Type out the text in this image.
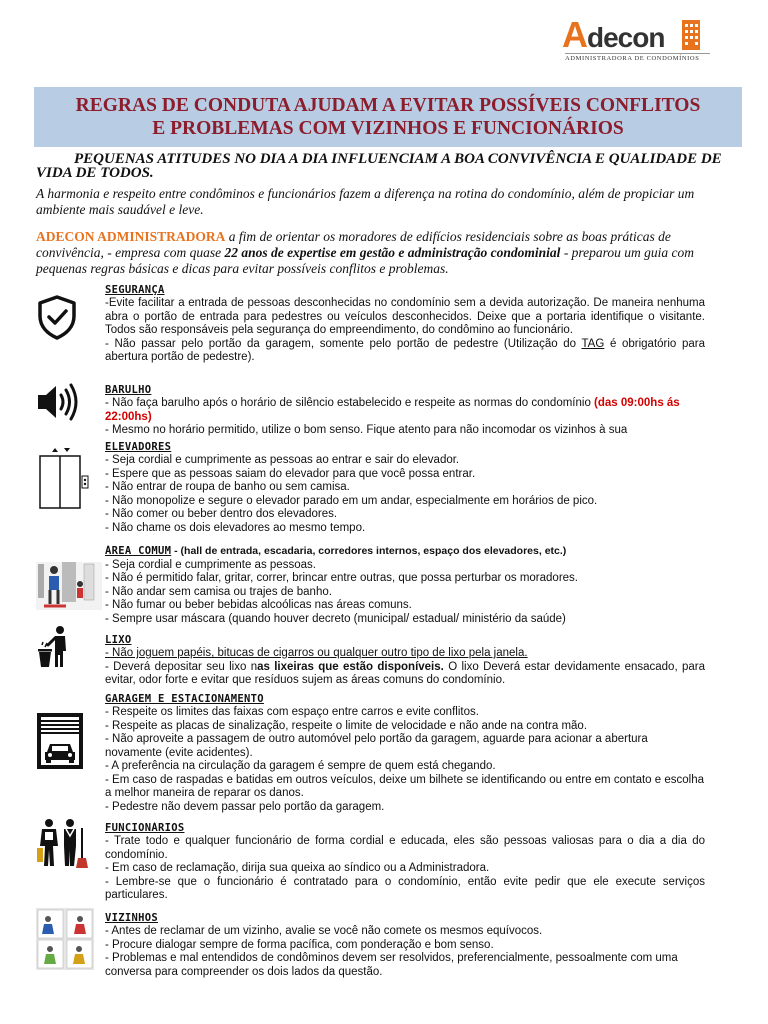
Adecon
ADMINISTRADORA DE CONDOMÍNIOS
REGRAS DE CONDUTA AJUDAM A EVITAR POSSÍVEIS CONFLITOS
E PROBLEMAS COM VIZINHOS E FUNCIONÁRIOS
PEQUENAS ATITUDES NO DIA A DIA INFLUENCIAM A BOA CONVIVÊNCIA E QUALIDADE DE VIDA DE TODOS.
A harmonia e respeito entre condôminos e funcionários fazem a diferença na rotina do condomínio, além de propiciar um ambiente mais saudável e leve.
ADECON ADMINISTRADORA a fim de orientar os moradores de edifícios residenciais sobre as boas práticas de convivência, - empresa com quase 22 anos de expertise em gestão e administração condominial - preparou um guia com pequenas regras básicas e dicas para evitar possíveis conflitos e problemas.
SEGURANÇA
-Evite facilitar a entrada de pessoas desconhecidas no condomínio sem a devida autorização. De maneira nenhuma abra o portão de entrada para pedestres ou veículos desconhecidos. Deixe que a portaria identifique o visitante. Todos são responsáveis pela segurança do empreendimento, do condômino ao funcionário.
- Não passar pelo portão da garagem, somente pelo portão de pedestre (Utilização do TAG é obrigatório para abertura portão de pedestre).
BARULHO
- Não faça barulho após o horário de silêncio estabelecido e respeite as normas do condomínio (das 09:00hs ás 22:00hs)
- Mesmo no horário permitido, utilize o bom senso. Fique atento para não incomodar os vizinhos à sua
ELEVADORES
- Seja cordial e cumprimente as pessoas ao entrar e sair do elevador.
- Espere que as pessoas saiam do elevador para que você possa entrar.
- Não entrar de roupa de banho ou sem camisa.
- Não monopolize e segure o elevador parado em um andar, especialmente em horários de pico.
- Não comer ou beber dentro dos elevadores.
- Não chame os dois elevadores ao mesmo tempo.
ÁREA COMUM - (hall de entrada, escadaria, corredores internos, espaço dos elevadores, etc.)
- Seja cordial e cumprimente as pessoas.
- Não é permitido falar, gritar, correr, brincar entre outras, que possa perturbar os moradores.
- Não andar sem camisa ou trajes de banho.
- Não fumar ou beber bebidas alcoólicas nas áreas comuns.
- Sempre usar máscara (quando houver decreto (municipal/ estadual/ ministério da saúde)
LIXO
- Não joguem papéis, bitucas de cigarros ou qualquer outro tipo de lixo pela janela.
- Deverá depositar seu lixo nas lixeiras que estão disponíveis. O lixo Deverá estar devidamente ensacado, para evitar, odor forte e evitar que resíduos sujem as áreas comuns do condomínio.
GARAGEM E ESTACIONAMENTO
- Respeite os limites das faixas com espaço entre carros e evite conflitos.
- Respeite as placas de sinalização, respeite o limite de velocidade e não ande na contra mão.
- Não aproveite a passagem de outro automóvel pelo portão da garagem, aguarde para acionar a abertura novamente (evite acidentes).
- A preferência na circulação da garagem é sempre de quem está chegando.
- Em caso de raspadas e batidas em outros veículos, deixe um bilhete se identificando ou entre em contato e escolha a melhor maneira de reparar os danos.
- Pedestre não devem passar pelo portão da garagem.
FUNCIONÁRIOS
- Trate todo e qualquer funcionário de forma cordial e educada, eles são pessoas valiosas para o dia a dia do condomínio.
- Em caso de reclamação, dirija sua queixa ao síndico ou a Administradora.
- Lembre-se que o funcionário é contratado para o condomínio, então evite pedir que ele execute serviços particulares.
VIZINHOS
- Antes de reclamar de um vizinho, avalie se você não comete os mesmos equívocos.
- Procure dialogar sempre de forma pacífica, com ponderação e bom senso.
- Problemas e mal entendidos de condôminos devem ser resolvidos, preferencialmente, pessoalmente com uma conversa para compreender os dois lados da questão.
